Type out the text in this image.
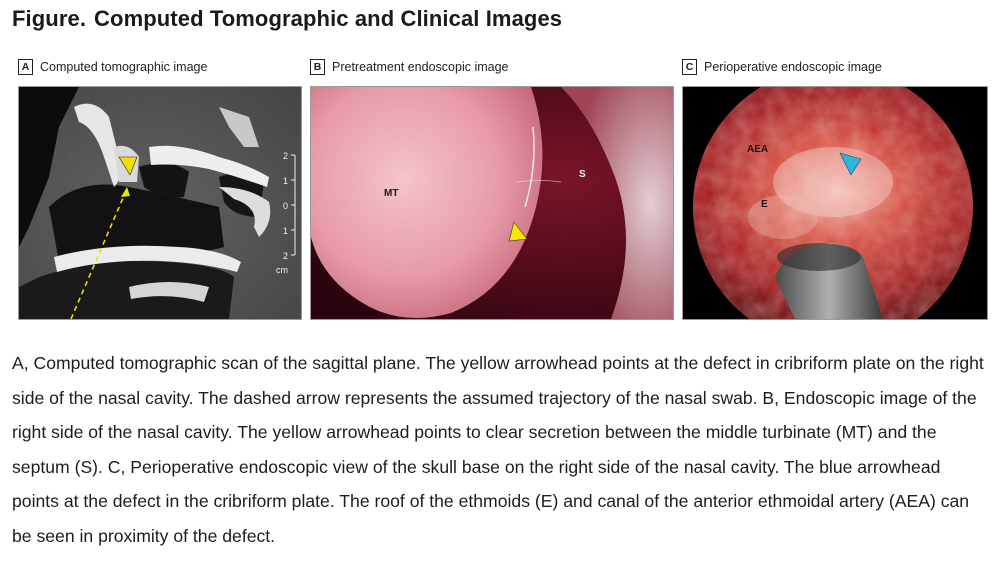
Figure. Computed Tomographic and Clinical Images
A Computed tomographic image
2
1
0
1
2
cm
B Pretreatment endoscopic image
MT
S
C Perioperative endoscopic image
AEA
E
A, Computed tomographic scan of the sagittal plane. The yellow arrowhead points at the defect in cribriform plate on the right side of the nasal cavity. The dashed arrow represents the assumed trajectory of the nasal swab. B, Endoscopic image of the right side of the nasal cavity. The yellow arrowhead points to clear secretion between the middle turbinate (MT) and the septum (S). C, Perioperative endoscopic view of the skull base on the right side of the nasal cavity. The blue arrowhead points at the defect in the cribriform plate. The roof of the ethmoids (E) and canal of the anterior ethmoidal artery (AEA) can be seen in proximity of the defect.
